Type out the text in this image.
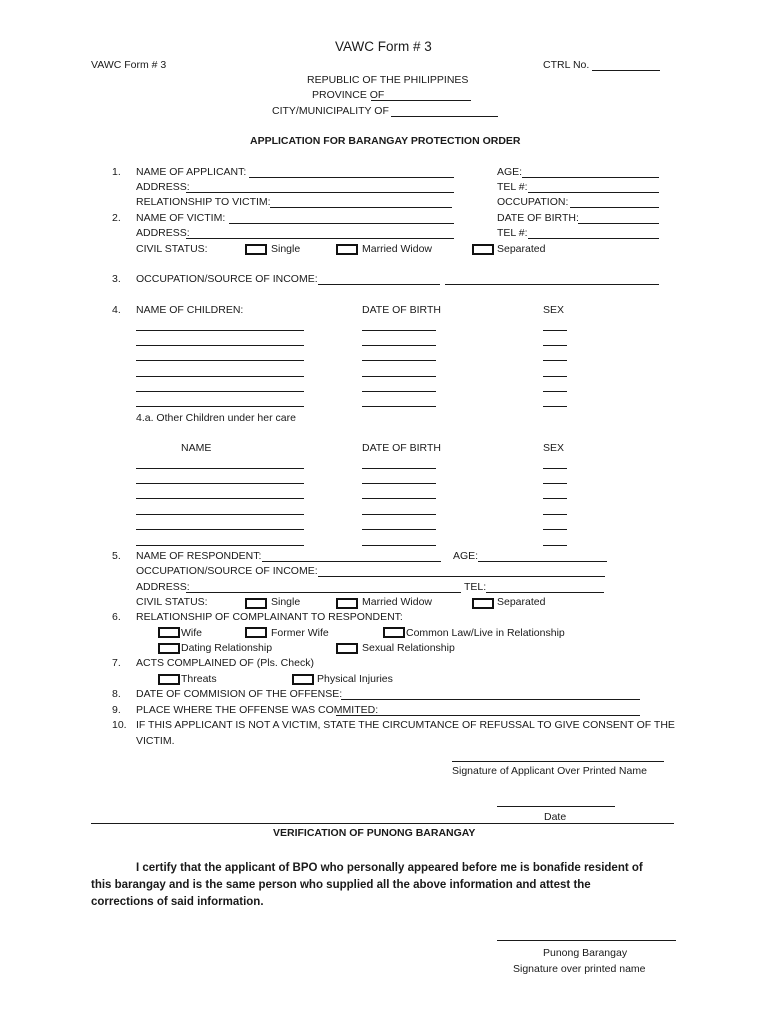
VAWC Form # 3
VAWC Form # 3	CTRL No.
REPUBLIC OF THE PHILIPPINES
PROVINCE OF
CITY/MUNICIPALITY OF
APPLICATION FOR BARANGAY PROTECTION ORDER
1. NAME OF APPLICANT:	AGE:
ADDRESS:	TEL #:
RELATIONSHIP TO VICTIM:	OCCUPATION:
2. NAME OF VICTIM:	DATE OF BIRTH:
ADDRESS:	TEL #:
CIVIL STATUS:	Single	Married Widow	Separated
3. OCCUPATION/SOURCE OF INCOME:
4. NAME OF CHILDREN:	DATE OF BIRTH	SEX
4.a. Other Children under her care
NAME	DATE OF BIRTH	SEX
5. NAME OF RESPONDENT:	AGE:
OCCUPATION/SOURCE OF INCOME:
ADDRESS:	TEL:
CIVIL STATUS:	Single	Married Widow	Separated
6. RELATIONSHIP OF COMPLAINANT TO RESPONDENT:
Wife	Former Wife	Common Law/Live in Relationship
Dating Relationship	Sexual Relationship
7. ACTS COMPLAINED OF (Pls. Check)
Threats	Physical Injuries
8. DATE OF COMMISION OF THE OFFENSE:
9. PLACE WHERE THE OFFENSE WAS COMMITED:
10. IF THIS APPLICANT IS NOT A VICTIM, STATE THE CIRCUMTANCE OF REFUSSAL TO GIVE CONSENT OF THE
VICTIM.
Signature of Applicant Over Printed Name
Date
VERIFICATION OF PUNONG BARANGAY
I certify that the applicant of BPO who personally appeared before me is bonafide resident of
this barangay and is the same person who supplied all the above information and attest the
corrections of said information.
Punong Barangay
Signature over printed name
